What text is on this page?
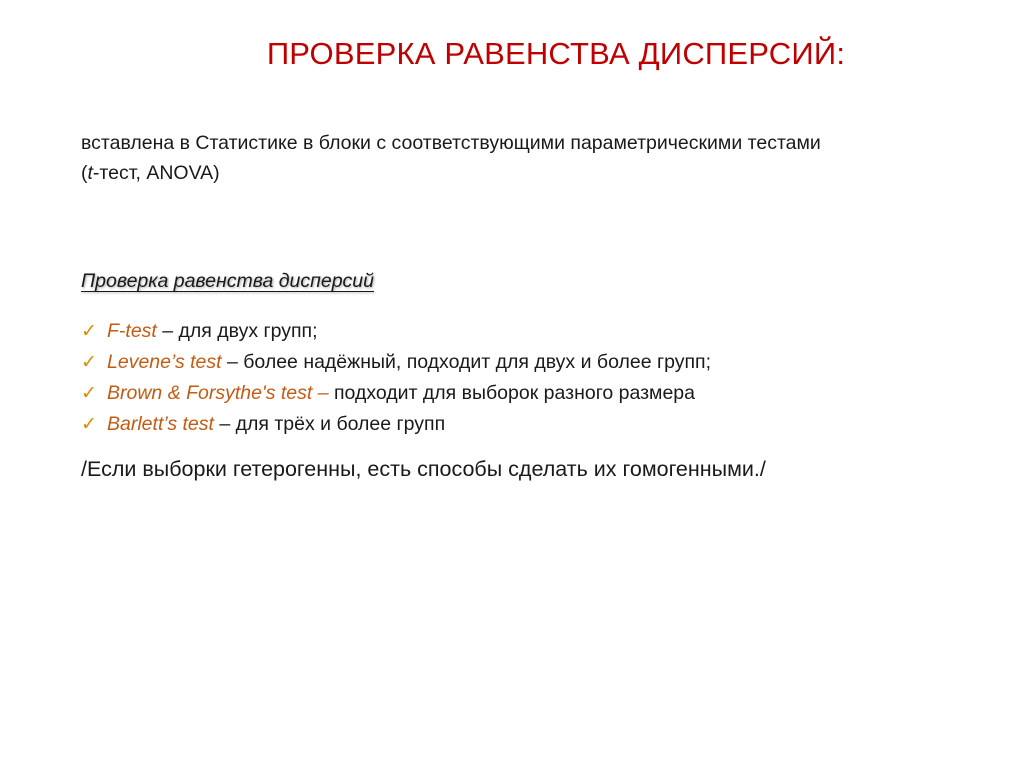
ПРОВЕРКА РАВЕНСТВА ДИСПЕРСИЙ:
вставлена в Статистике в блоки с соответствующими параметрическими тестами
(t-тест, ANOVA)
Проверка равенства дисперсий
✓ F-test – для двух групп;
✓ Levene’s test – более надёжный, подходит для двух и более групп;
✓ Brown & Forsythe's test – подходит для выборок разного размера
✓ Barlett’s test – для трёх и более групп
/Если выборки гетерогенны, есть способы сделать их гомогенными./
